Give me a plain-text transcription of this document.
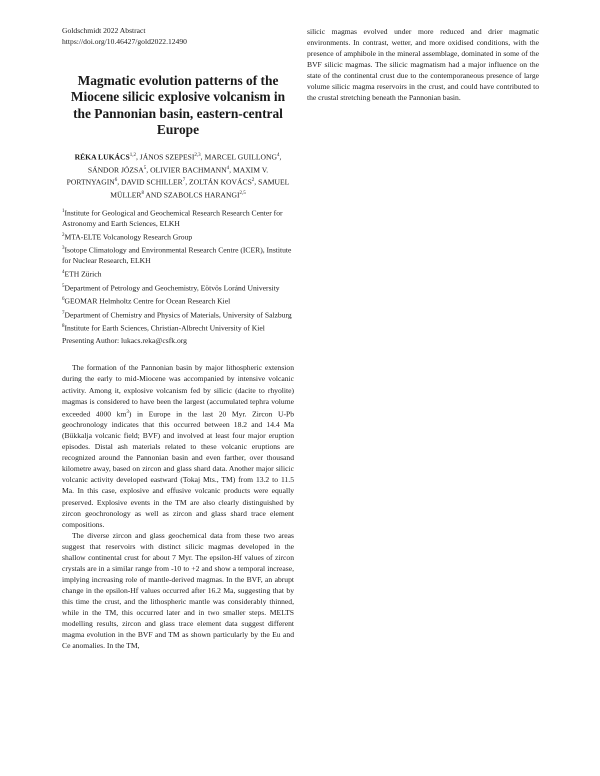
Goldschmidt 2022 Abstract
https://doi.org/10.46427/gold2022.12490
Magmatic evolution patterns of the Miocene silicic explosive volcanism in the Pannonian basin, eastern-central Europe
RÉKA LUKÁCS$^{1,2}$, JÁNOS SZEPESI$^{2,3}$, MARCEL GUILLONG$^4$, SÁNDOR JÓZSA$^5$, OLIVIER BACHMANN$^4$, MAXIM V. PORTNYAGIN$^6$, DAVID SCHILLER$^7$, ZOLTÁN KOVÁCS$^2$, SAMUEL MÜLLER$^8$ AND SZABOLCS HARANGI$^{2,5}$
$^1$Institute for Geological and Geochemical Research Research Center for Astronomy and Earth Sciences, ELKH
$^2$MTA-ELTE Volcanology Research Group
$^3$Isotope Climatology and Environmental Research Centre (ICER), Institute for Nuclear Research, ELKH
$^4$ETH Zürich
$^5$Department of Petrology and Geochemistry, Eötvös Loránd University
$^6$GEOMAR Helmholtz Centre for Ocean Research Kiel
$^7$Department of Chemistry and Physics of Materials, University of Salzburg
$^8$Institute for Earth Sciences, Christian-Albrecht University of Kiel
Presenting Author: lukacs.reka@csfk.org

The formation of the Pannonian basin by major lithospheric extension during the early to mid-Miocene was accompanied by intensive volcanic activity. Among it, explosive volcanism fed by silicic (dacite to rhyolite) magmas is considered to have been the largest (accumulated tephra volume exceeded 4000 $km^3$) in Europe in the last 20 Myr. Zircon U-Pb geochronology indicates that this occurred between 18.2 and 14.4 Ma (Bükkalja volcanic field; BVF) and involved at least four major eruption episodes. Distal ash materials related to these volcanic eruptions are recognized around the Pannonian basin and even farther, over thousand kilometre away, based on zircon and glass shard data. Another major silicic volcanic activity developed eastward (Tokaj Mts., TM) from 13.2 to 11.5 Ma. In this case, explosive and effusive volcanic products were equally preserved. Explosive events in the TM are also clearly distinguished by zircon geochronology as well as zircon and glass shard trace element compositions.

The diverse zircon and glass geochemical data from these two areas suggest that reservoirs with distinct silicic magmas developed in the shallow continental crust for about 7 Myr. The epsilon-Hf values of zircon crystals are in a similar range from -10 to +2 and show a temporal increase, implying increasing role of mantle-derived magmas. In the BVF, an abrupt change in the epsilon-Hf values occurred after 16.2 Ma, suggesting that by this time the crust, and the lithospheric mantle was considerably thinned, while in the TM, this occurred later and in two smaller steps. MELTS modelling results, zircon and glass trace element data suggest different magma evolution in the BVF and TM as shown particularly by the Eu and Ce anomalies. In the TM,

silicic magmas evolved under more reduced and drier magmatic environments. In contrast, wetter, and more oxidised conditions, with the presence of amphibole in the mineral assemblage, dominated in some of the BVF silicic magmas. The silicic magmatism had a major influence on the state of the continental crust due to the contemporaneous presence of large volume silicic magma reservoirs in the crust, and could have contributed to the crustal stretching beneath the Pannonian basin.
